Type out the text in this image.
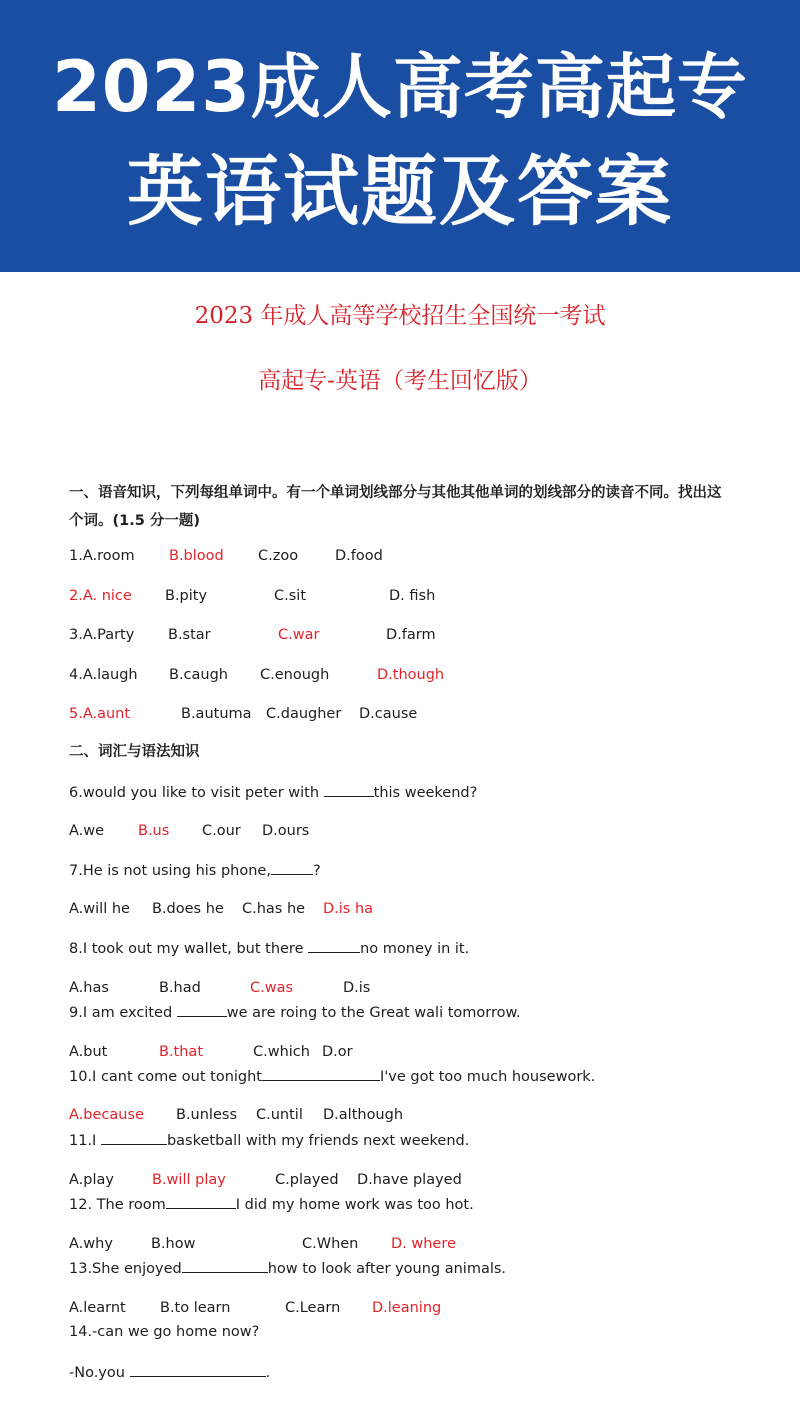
2023成人高考高起专
英语试题及答案
2023 年成人高等学校招生全国统一考试
高起专-英语（考生回忆版）
一、语音知识，下列每组单词中。有一个单词划线部分与其他其他单词的划线部分的读音不同。找出这个词。(1.5 分一题)
1.A.room B.blood C.zoo	D.food
2.A. nice B.pity	C.sit	D. fish
3.A.Party B.star	C.war	D.farm
4.A.laugh B.caugh C.enough	D.though
5.A.aunt	B.autuma C.daugher D.cause
二、词汇与语法知识
6.would you like to visit peter with	this weekend?
A.we B.us C.our D.ours
7.He is not using his phone,	?
A.will he B.does he C.has he D.is ha
8.I took out my wallet, but there	no money in it.
A.has	B.had	C.was	D.is
9.I am excited	we are roing to the Great wali tomorrow.
A.but	B.that	C.which D.or
10.I cant come out tonight	I've got too much housework.
A.because B.unless C.until D.although
11.I	basketball with my friends next weekend.
A.play	B.will play	C.played D.have played
12. The room	I did my home work was too hot.
A.why	B.how	C.When D. where
13.She enjoyed	how to look after young animals.
A.learnt B.to learn	C.Learn D.leaning
14.-can we go home now?
-No.you	.
